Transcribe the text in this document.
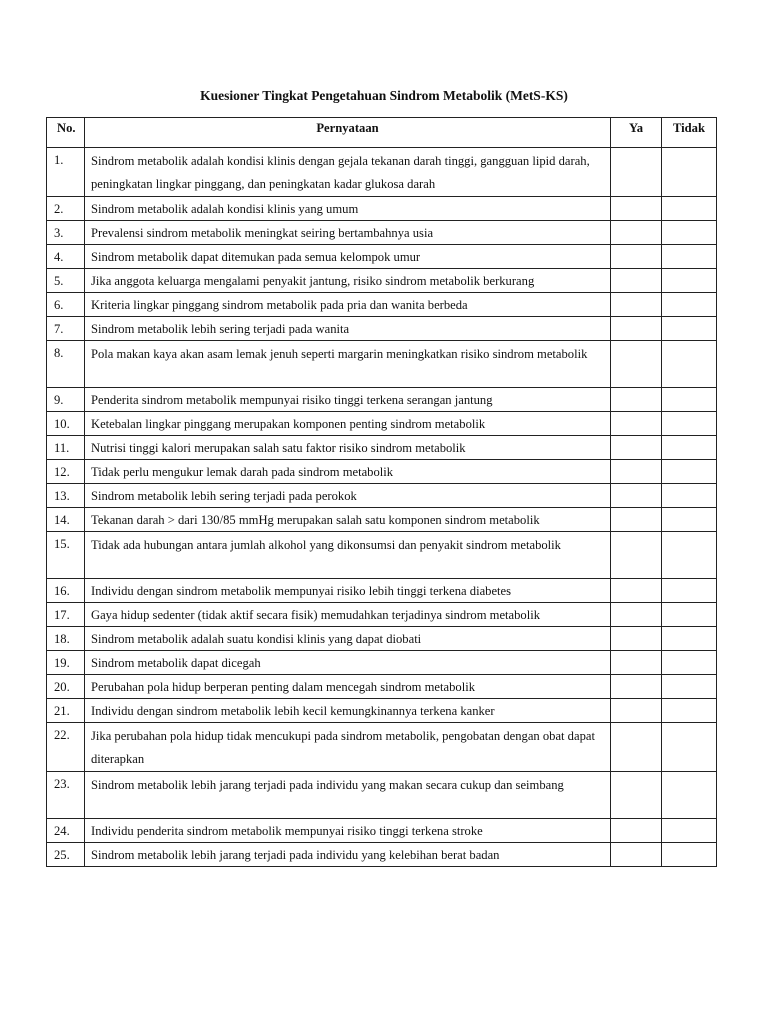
Kuesioner Tingkat Pengetahuan Sindrom Metabolik (MetS-KS)
No.	Pernyataan	Ya	Tidak
1.	Sindrom metabolik adalah kondisi klinis dengan gejala tekanan darah tinggi, gangguan lipid darah, peningkatan lingkar pinggang, dan peningkatan kadar glukosa darah		
2.	Sindrom metabolik adalah kondisi klinis yang umum		
3.	Prevalensi sindrom metabolik meningkat seiring bertambahnya usia		
4.	Sindrom metabolik dapat ditemukan pada semua kelompok umur		
5.	Jika anggota keluarga mengalami penyakit jantung, risiko sindrom metabolik berkurang		
6.	Kriteria lingkar pinggang sindrom metabolik pada pria dan wanita berbeda		
7.	Sindrom metabolik lebih sering terjadi pada wanita		
8.	Pola makan kaya akan asam lemak jenuh seperti margarin meningkatkan risiko sindrom metabolik		
9.	Penderita sindrom metabolik mempunyai risiko tinggi terkena serangan jantung		
10.	Ketebalan lingkar pinggang merupakan komponen penting sindrom metabolik		
11.	Nutrisi tinggi kalori merupakan salah satu faktor risiko sindrom metabolik		
12.	Tidak perlu mengukur lemak darah pada sindrom metabolik		
13.	Sindrom metabolik lebih sering terjadi pada perokok		
14.	Tekanan darah > dari 130/85 mmHg merupakan salah satu komponen sindrom metabolik		
15.	Tidak ada hubungan antara jumlah alkohol yang dikonsumsi dan penyakit sindrom metabolik		
16.	Individu dengan sindrom metabolik mempunyai risiko lebih tinggi terkena diabetes		
17.	Gaya hidup sedenter (tidak aktif secara fisik) memudahkan terjadinya sindrom metabolik		
18.	Sindrom metabolik adalah suatu kondisi klinis yang dapat diobati		
19.	Sindrom metabolik dapat dicegah		
20.	Perubahan pola hidup berperan penting dalam mencegah sindrom metabolik		
21.	Individu dengan sindrom metabolik lebih kecil kemungkinannya terkena kanker		
22.	Jika perubahan pola hidup tidak mencukupi pada sindrom metabolik, pengobatan dengan obat dapat diterapkan		
23.	Sindrom metabolik lebih jarang terjadi pada individu yang makan secara cukup dan seimbang		
24.	Individu penderita sindrom metabolik mempunyai risiko tinggi terkena stroke		
25.	Sindrom metabolik lebih jarang terjadi pada individu yang kelebihan berat badan		
